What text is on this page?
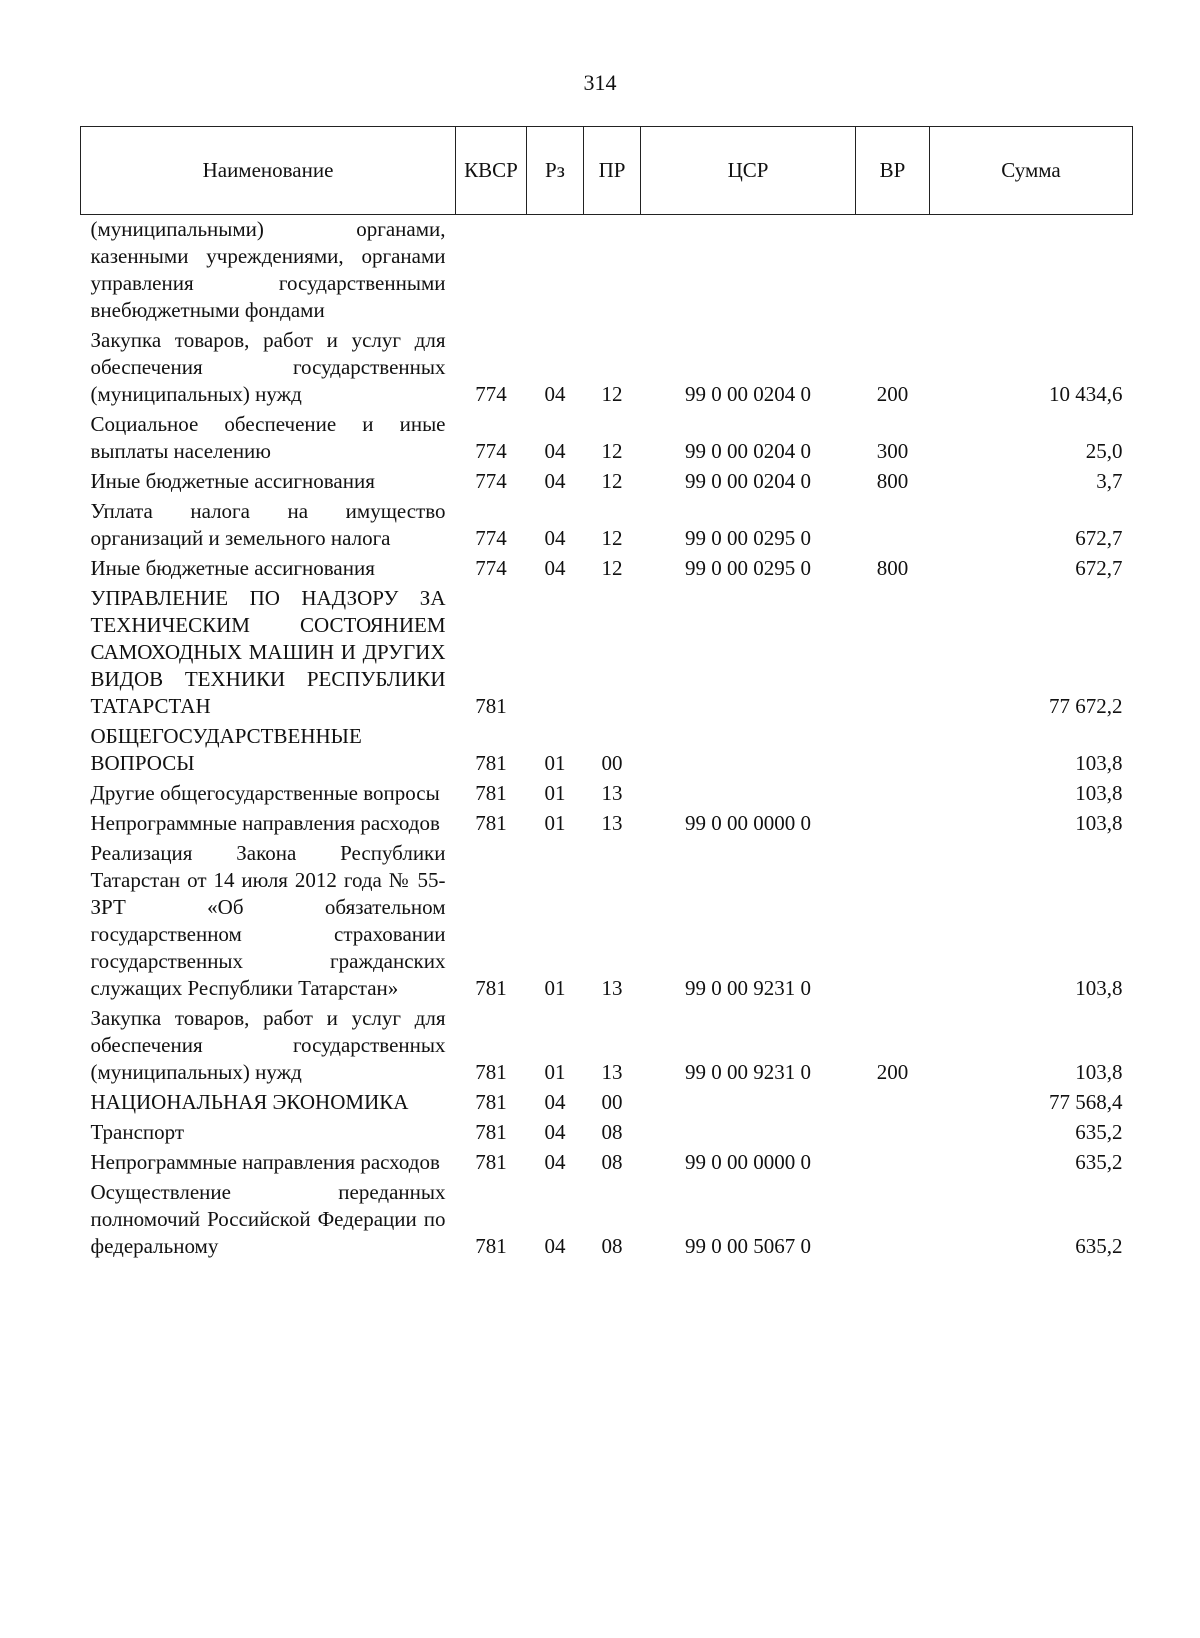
314
Наименование	КВСР	Рз	ПР	ЦСР	ВР	Сумма
(муниципальными) органами, казенными учреждениями, органами управления государственными внебюджетными фондами						
Закупка товаров, работ и услуг для обеспечения государственных (муниципальных) нужд	774	04	12	99 0 00 0204 0	200	10 434,6
Социальное обеспечение и иные выплаты населению	774	04	12	99 0 00 0204 0	300	25,0
Иные бюджетные ассигнования	774	04	12	99 0 00 0204 0	800	3,7
Уплата налога на имущество организаций и земельного налога	774	04	12	99 0 00 0295 0		672,7
Иные бюджетные ассигнования	774	04	12	99 0 00 0295 0	800	672,7
УПРАВЛЕНИЕ ПО НАДЗОРУ ЗА ТЕХНИЧЕСКИМ СОСТОЯНИЕМ САМОХОДНЫХ МАШИН И ДРУГИХ ВИДОВ ТЕХНИКИ РЕСПУБЛИКИ ТАТАРСТАН	781					77 672,2
ОБЩЕГОСУДАРСТВЕННЫЕ ВОПРОСЫ	781	01	00			103,8
Другие общегосударственные вопросы	781	01	13			103,8
Непрограммные направления расходов	781	01	13	99 0 00 0000 0		103,8
Реализация Закона Республики Татарстан от 14 июля 2012 года № 55-ЗРТ «Об обязательном государственном страховании государственных гражданских служащих Республики Татарстан»	781	01	13	99 0 00 9231 0		103,8
Закупка товаров, работ и услуг для обеспечения государственных (муниципальных) нужд	781	01	13	99 0 00 9231 0	200	103,8
НАЦИОНАЛЬНАЯ ЭКОНОМИКА	781	04	00			77 568,4
Транспорт	781	04	08			635,2
Непрограммные направления расходов	781	04	08	99 0 00 0000 0		635,2
Осуществление переданных полномочий Российской Федерации по федеральному	781	04	08	99 0 00 5067 0		635,2
